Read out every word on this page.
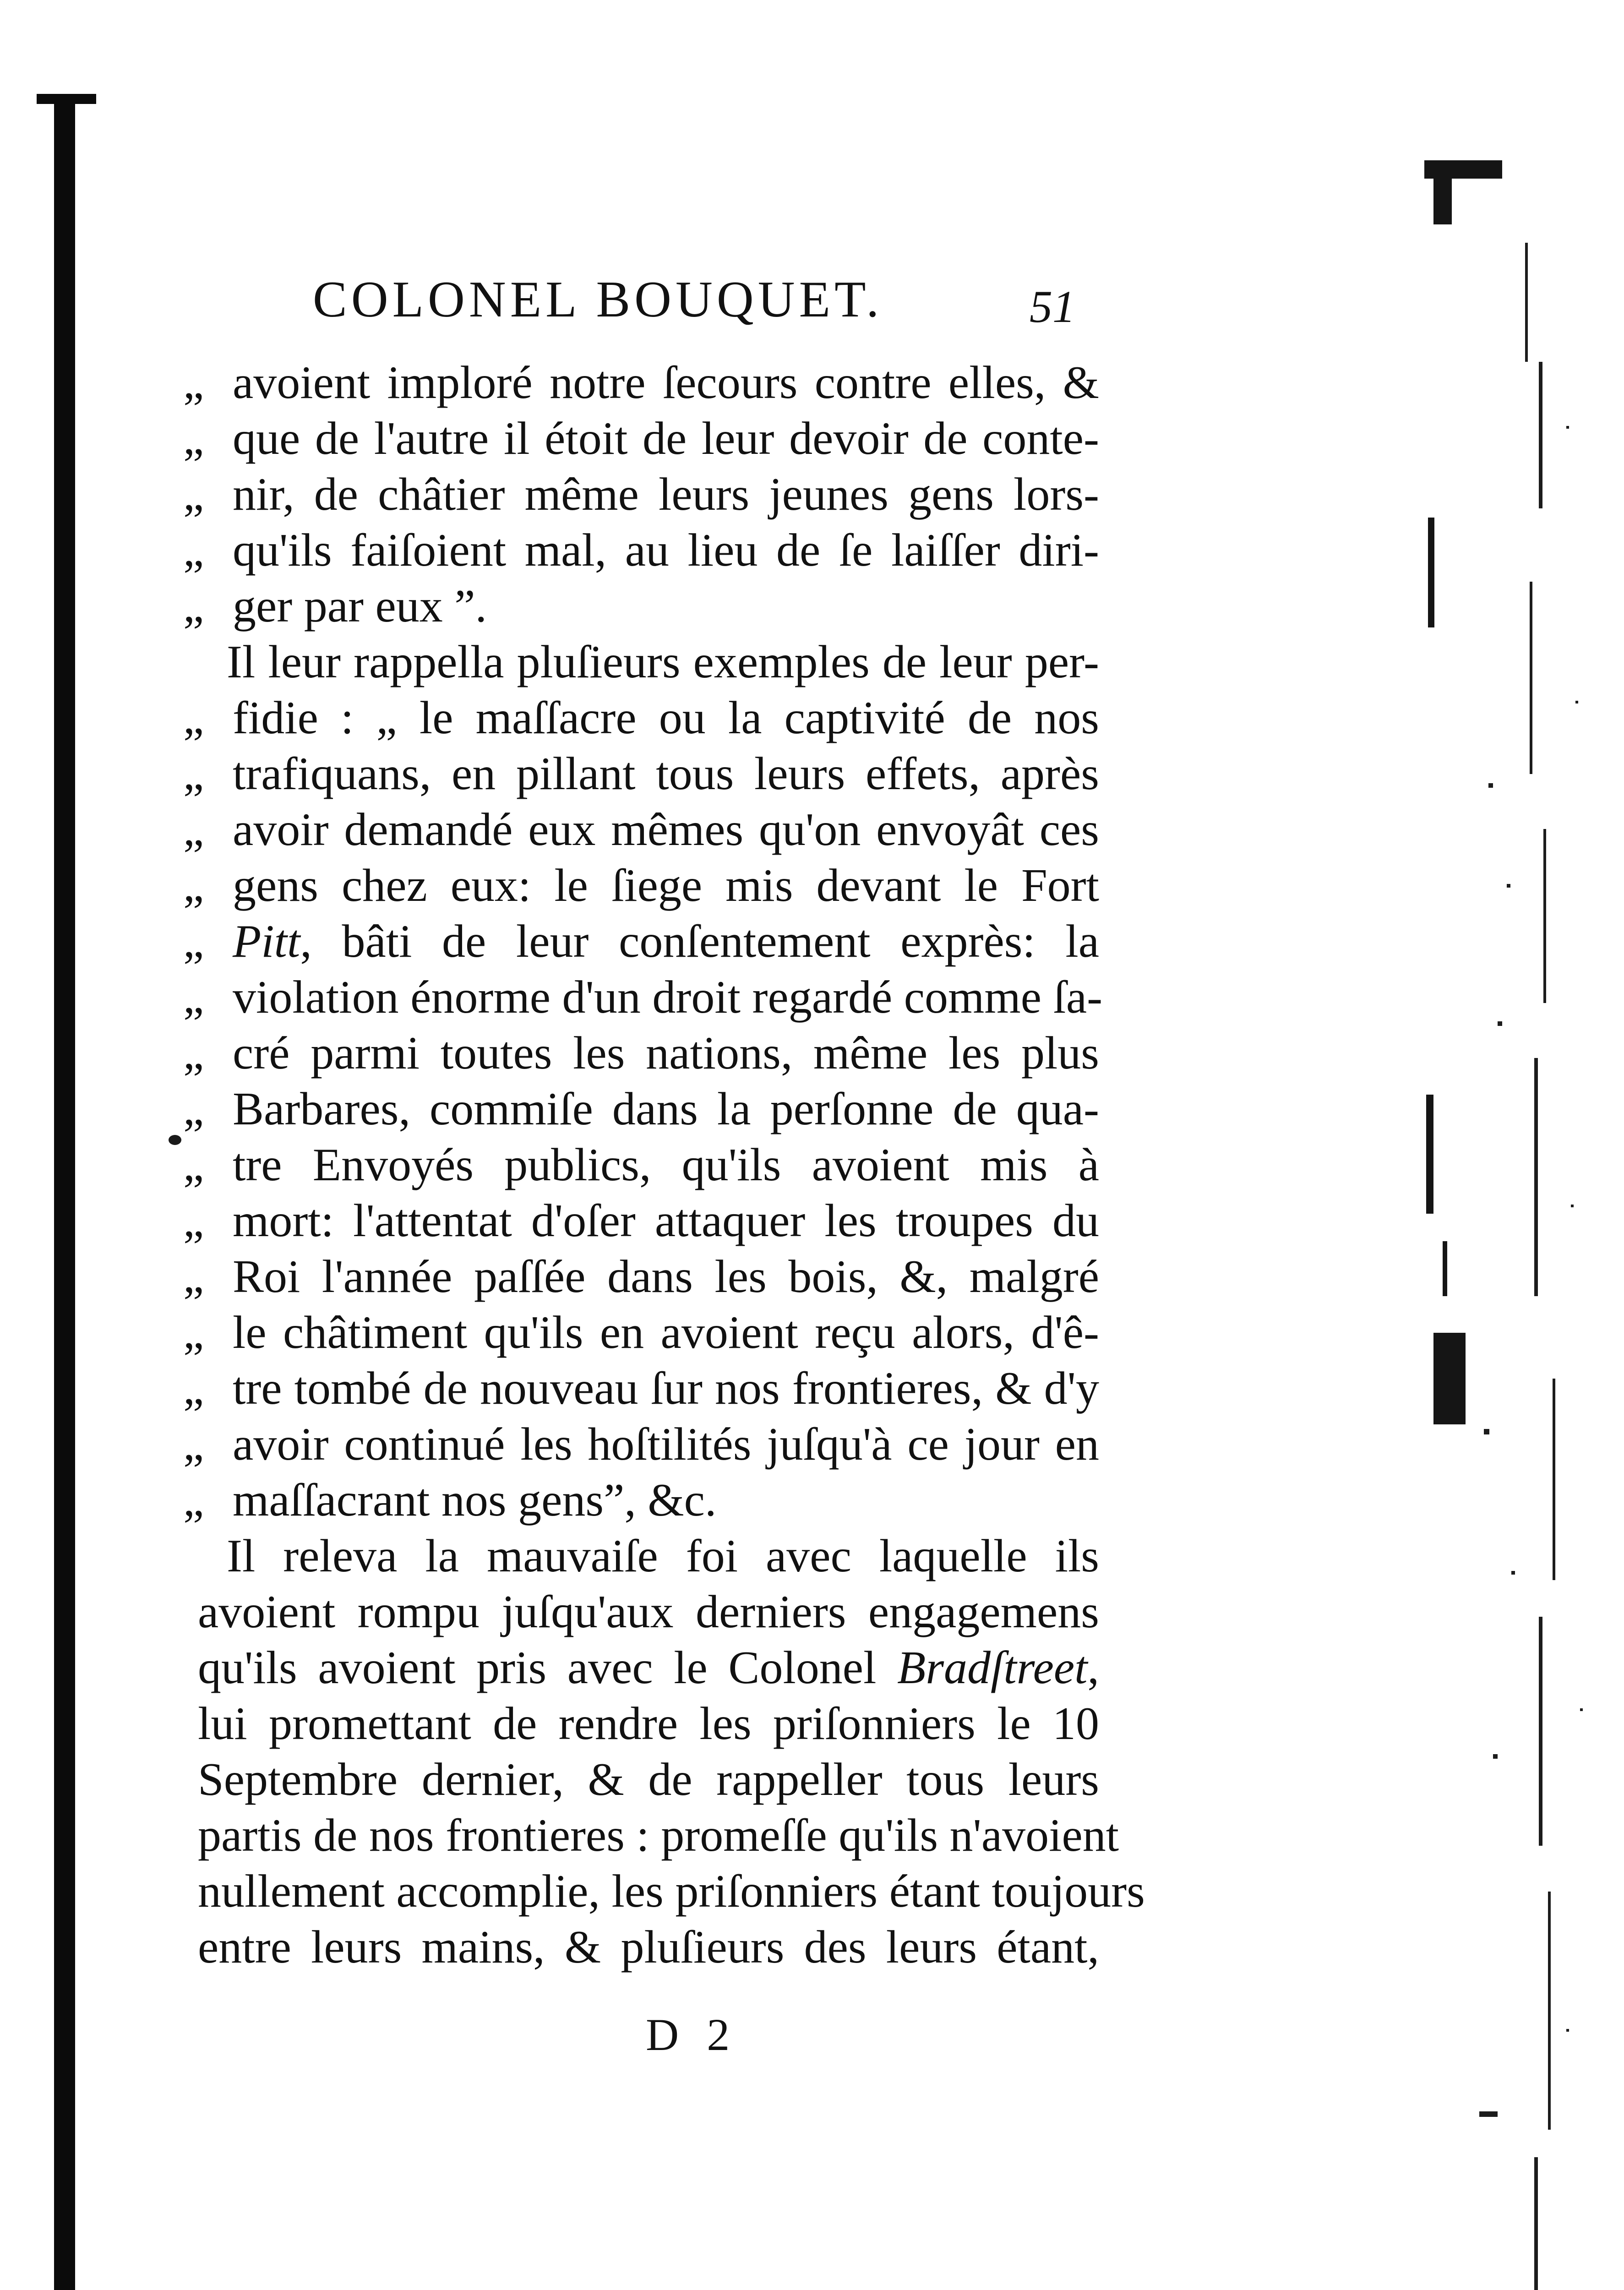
COLONEL BOUQUET.	51
„ avoient imploré notre ſecours contre elles, &
„ que de l'autre il étoit de leur devoir de conte-
„ nir, de châtier même leurs jeunes gens lors-
„ qu'ils faiſoient mal, au lieu de ſe laiſſer diri-
„ ger par eux ”.
Il leur rappella pluſieurs exemples de leur per-
„ fidie : „ le maſſacre ou la captivité de nos
„ trafiquans, en pillant tous leurs effets, après
„ avoir demandé eux mêmes qu'on envoyât ces
„ gens chez eux: le ſiege mis devant le Fort
„ Pitt, bâti de leur conſentement exprès: la
„ violation énorme d'un droit regardé comme ſa-
„ cré parmi toutes les nations, même les plus
„ Barbares, commiſe dans la perſonne de qua-
„ tre Envoyés publics, qu'ils avoient mis à
„ mort: l'attentat d'oſer attaquer les troupes du
„ Roi l'année paſſée dans les bois, &, malgré
„ le châtiment qu'ils en avoient reçu alors, d'ê-
„ tre tombé de nouveau ſur nos frontieres, & d'y
„ avoir continué les hoſtilités juſqu'à ce jour en
„ maſſacrant nos gens”, &c.
Il releva la mauvaiſe foi avec laquelle ils
avoient rompu juſqu'aux derniers engagemens
qu'ils avoient pris avec le Colonel Bradſtreet,
lui promettant de rendre les priſonniers le 10
Septembre dernier, & de rappeller tous leurs
partis de nos frontieres : promeſſe qu'ils n'avoient
nullement accomplie, les priſonniers étant toujours
entre leurs mains, & pluſieurs des leurs étant,
D 2
